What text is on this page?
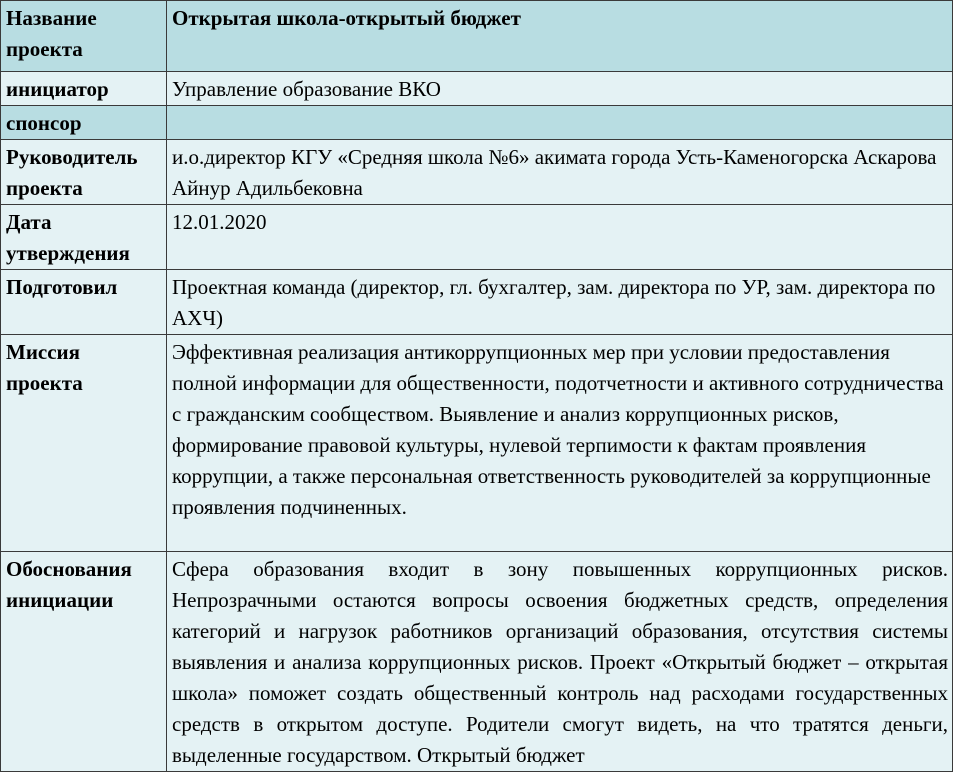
Название проекта	Открытая школа-открытый бюджет
инициатор	Управление образование ВКО
спонсор	
Руководитель проекта	и.о.директор КГУ «Средняя школа №6» акимата города Усть-Каменогорска Аскарова Айнур Адильбековна
Дата утверждения	12.01.2020
Подготовил	Проектная команда (директор, гл. бухгалтер, зам. директора по УР, зам. директора по АХЧ)
Миссия проекта	Эффективная реализация антикоррупционных мер при условии предоставления полной информации для общественности, подотчетности и активного сотрудничества с гражданским сообществом. Выявление и анализ коррупционных рисков, формирование правовой культуры, нулевой терпимости к фактам проявления коррупции, а также персональная ответственность руководителей за коррупционные проявления подчиненных.
Обоснования инициации	Сфера образования входит в зону повышенных коррупционных рисков. Непрозрачными остаются вопросы освоения бюджетных средств, определения категорий и нагрузок работников организаций образования, отсутствия системы выявления и анализа коррупционных рисков. Проект «Открытый бюджет – открытая школа» поможет создать общественный контроль над расходами государственных средств в открытом доступе. Родители смогут видеть, на что тратятся деньги, выделенные государством. Открытый бюджет
